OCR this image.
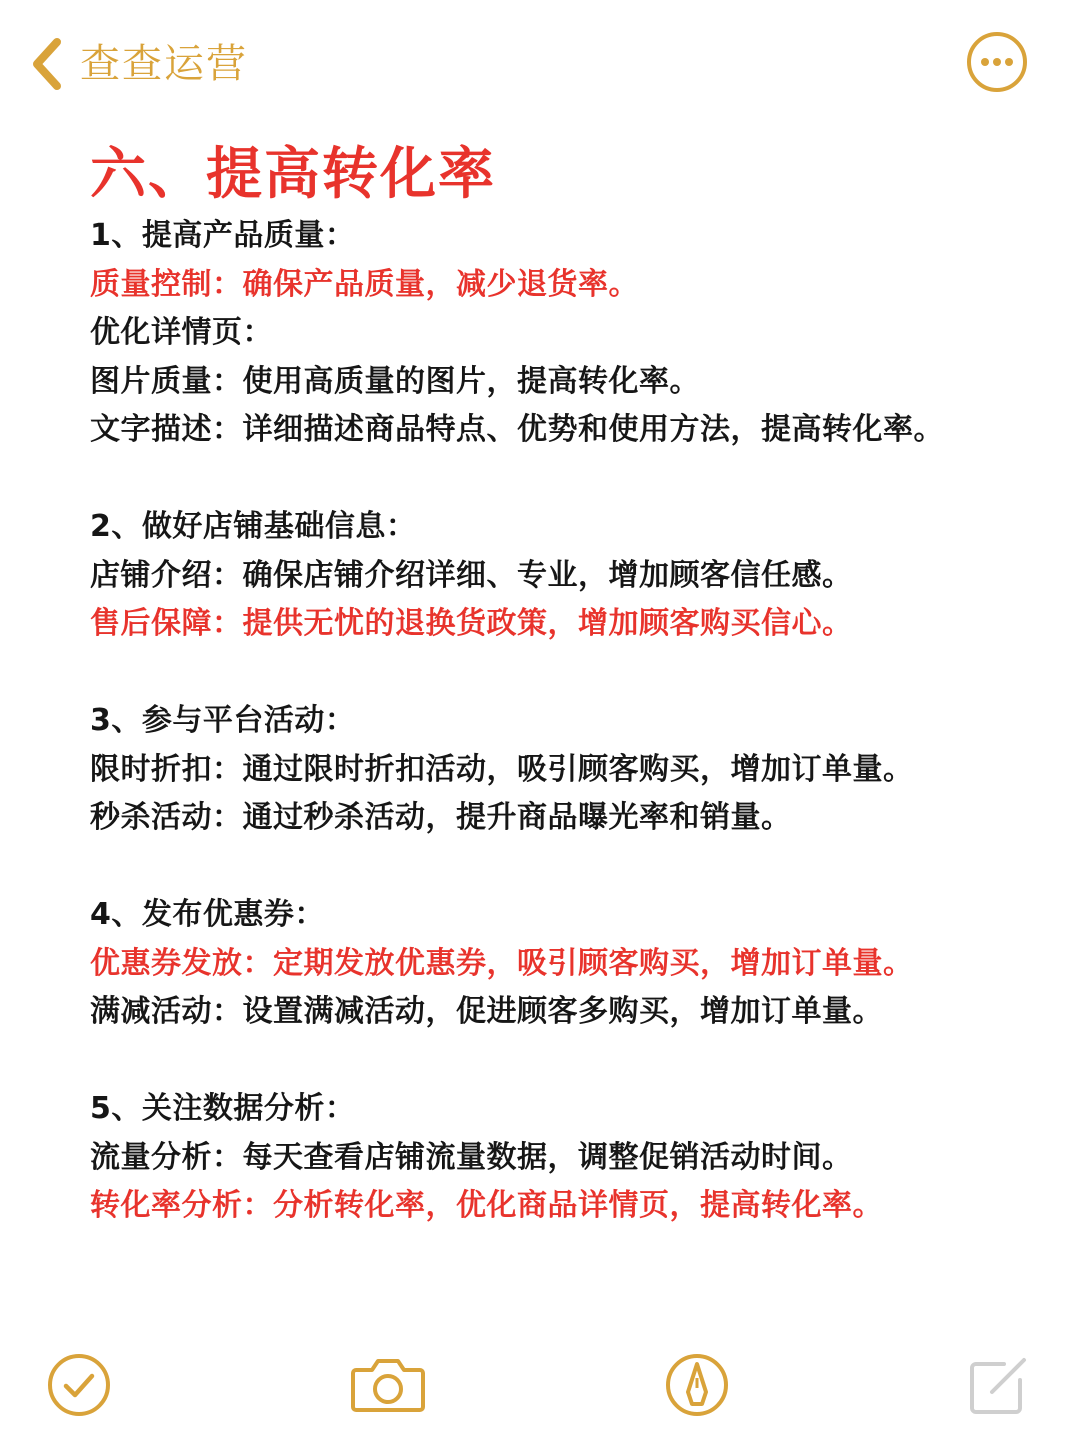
查查运营
六、提高转化率
1、提高产品质量：
质量控制：确保产品质量，减少退货率。
优化详情页：
图片质量：使用高质量的图片，提高转化率。
文字描述：详细描述商品特点、优势和使用方法，提高转化率。
2、做好店铺基础信息：
店铺介绍：确保店铺介绍详细、专业，增加顾客信任感。
售后保障：提供无忧的退换货政策，增加顾客购买信心。
3、参与平台活动：
限时折扣：通过限时折扣活动，吸引顾客购买，增加订单量。
秒杀活动：通过秒杀活动，提升商品曝光率和销量。
4、发布优惠券：
优惠券发放：定期发放优惠券，吸引顾客购买，增加订单量。
满减活动：设置满减活动，促进顾客多购买，增加订单量。
5、关注数据分析：
流量分析：每天查看店铺流量数据，调整促销活动时间。
转化率分析：分析转化率，优化商品详情页，提高转化率。
